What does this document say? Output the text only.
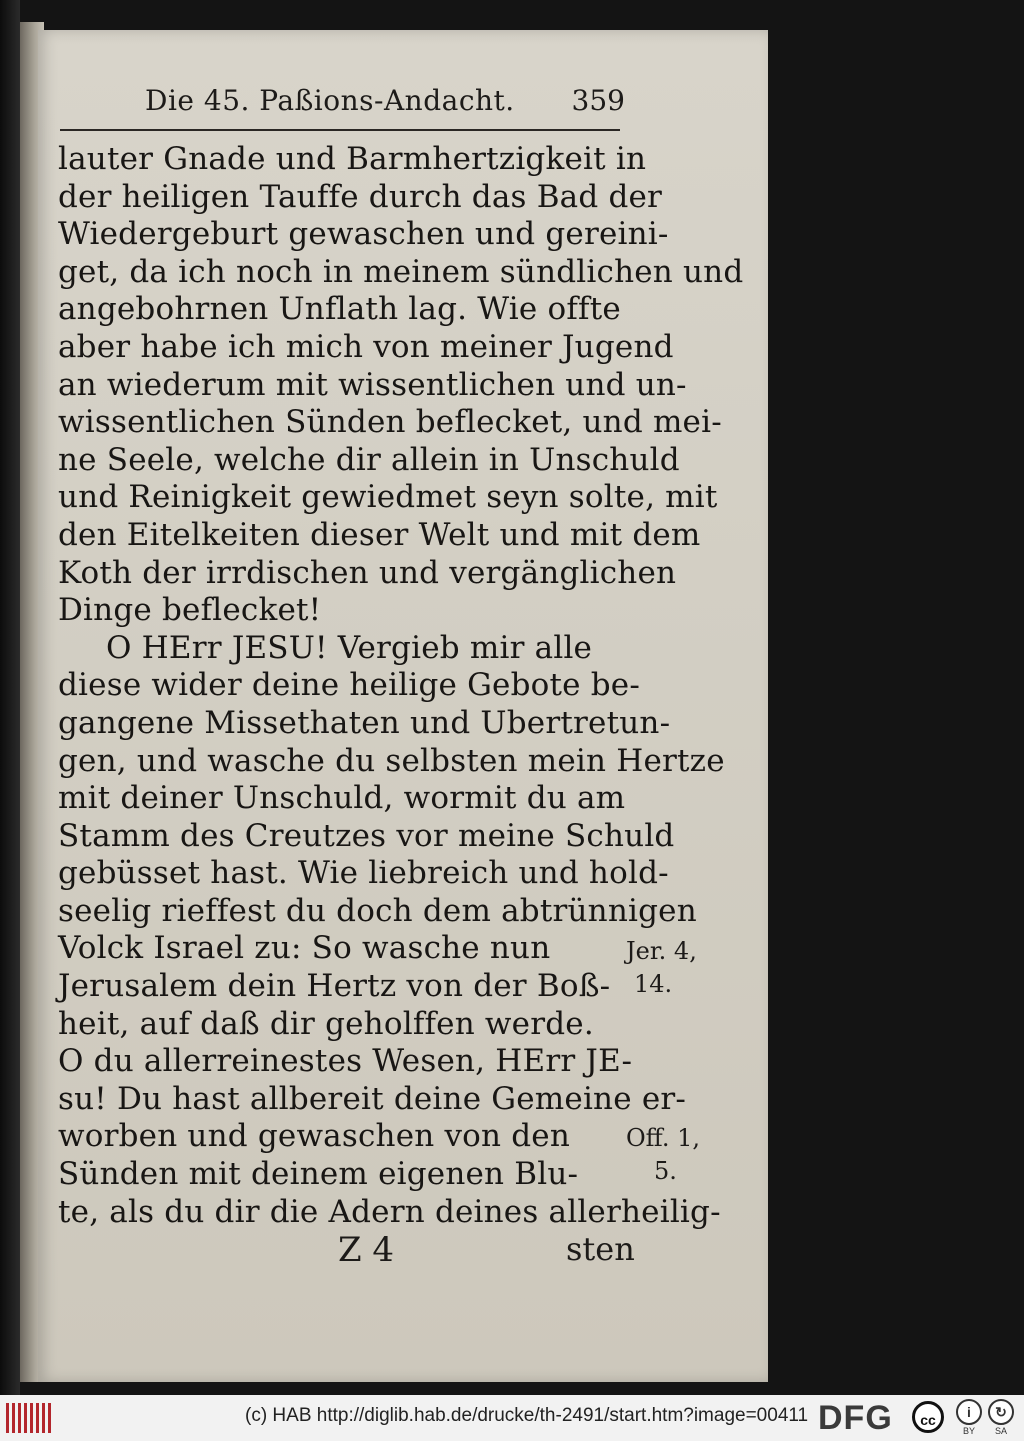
Die 45. Paßions-Andacht. 359
lauter Gnade und Barmhertzigkeit in
der heiligen Tauffe durch das Bad der
Wiedergeburt gewaschen und gereini-
get, da ich noch in meinem sündlichen und
angebohrnen Unflath lag. Wie offte
aber habe ich mich von meiner Jugend
an wiederum mit wissentlichen und un-
wissentlichen Sünden beflecket, und mei-
ne Seele, welche dir allein in Unschuld
und Reinigkeit gewiedmet seyn solte, mit
den Eitelkeiten dieser Welt und mit dem
Koth der irrdischen und vergänglichen
Dinge beflecket!
O HErr JESU! Vergieb mir alle
diese wider deine heilige Gebote be-
gangene Missethaten und Ubertretun-
gen, und wasche du selbsten mein Hertze
mit deiner Unschuld, wormit du am
Stamm des Creutzes vor meine Schuld
gebüsset hast. Wie liebreich und hold-
seelig rieffest du doch dem abtrünnigen
Volck Israel zu: So wasche nun
Jerusalem dein Hertz von der Boß-
heit, auf daß dir geholffen werde.
O du allerreinestes Wesen, HErr JE-
su! Du hast allbereit deine Gemeine er-
worben und gewaschen von den
Sünden mit deinem eigenen Blu-
te, als du dir die Adern deines allerheilig-
Jer. 4,
14.
Off. 1,
5.
Z 4	sten
(c) HAB http://diglib.hab.de/drucke/th-2491/start.htm?image=00411 DFG	cc	i	↻
BY SA
